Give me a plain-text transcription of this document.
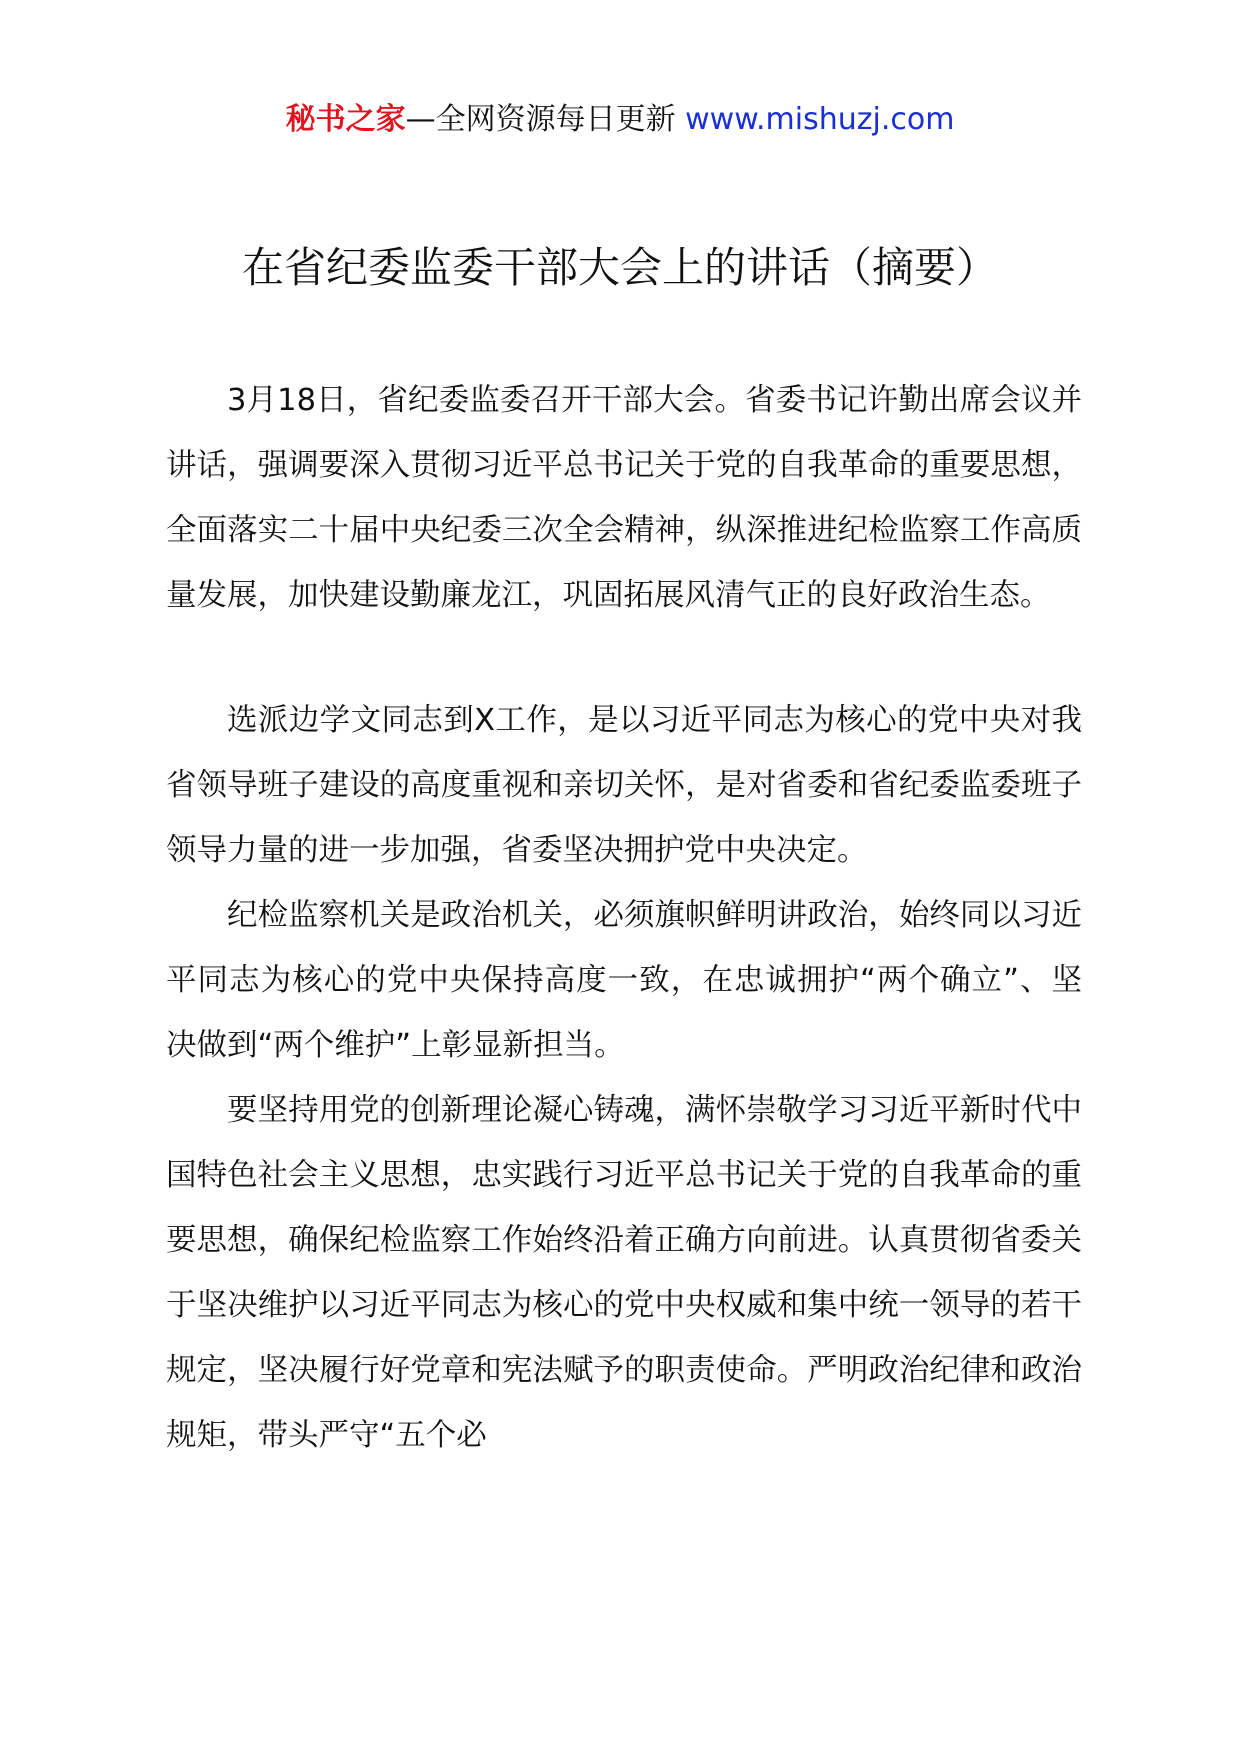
秘书之家—全网资源每日更新 www.mishuzj.com
在省纪委监委干部大会上的讲话（摘要）

3月18日，省纪委监委召开干部大会。省委书记许勤出席会议并讲话，强调要深入贯彻习近平总书记关于党的自我革命的重要思想，全面落实二十届中央纪委三次全会精神，纵深推进纪检监察工作高质量发展，加快建设勤廉龙江，巩固拓展风清气正的良好政治生态。

选派边学文同志到X工作，是以习近平同志为核心的党中央对我省领导班子建设的高度重视和亲切关怀，是对省委和省纪委监委班子领导力量的进一步加强，省委坚决拥护党中央决定。

纪检监察机关是政治机关，必须旗帜鲜明讲政治，始终同以习近平同志为核心的党中央保持高度一致，在忠诚拥护“两个确立”、坚决做到“两个维护”上彰显新担当。

要坚持用党的创新理论凝心铸魂，满怀崇敬学习习近平新时代中国特色社会主义思想，忠实践行习近平总书记关于党的自我革命的重要思想，确保纪检监察工作始终沿着正确方向前进。认真贯彻省委关于坚决维护以习近平同志为核心的党中央权威和集中统一领导的若干规定，坚决履行好党章和宪法赋予的职责使命。严明政治纪律和政治规矩，带头严守“五个必
